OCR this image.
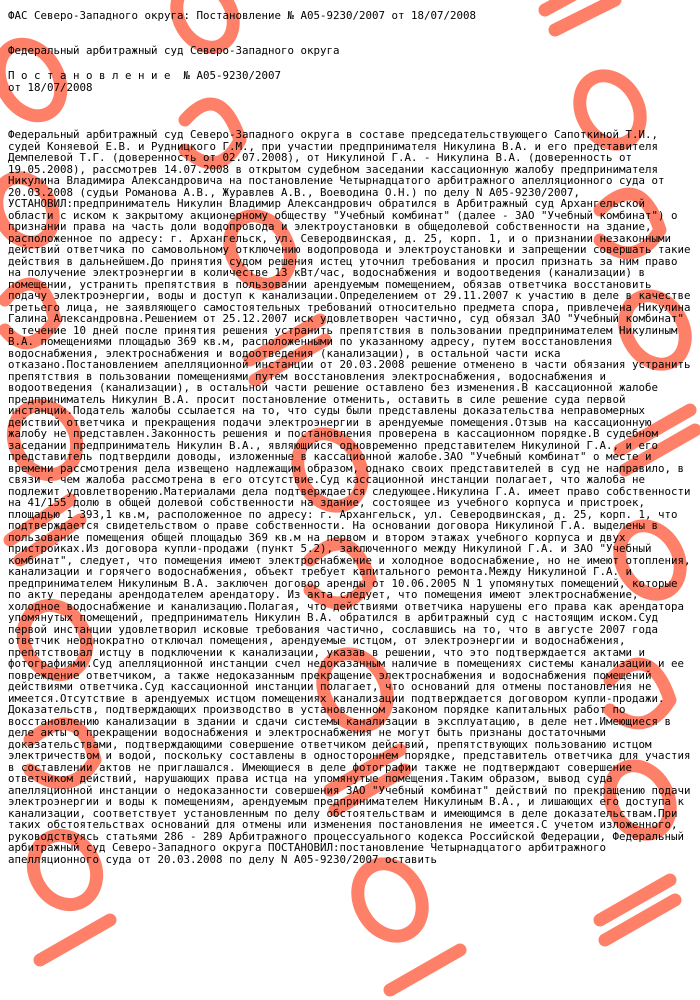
ФАС Северо-Западного округа: Постановление № А05-9230/2007 от 18/07/2008
Федеральный арбитражный суд Северо-Западного округа
П о с т а н о в л е н и е  № А05-9230/2007
от 18/07/2008
Федеральный арбитражный суд Северо-Западного округа в составе председательствующего Сапоткиной Т.И., судей Коняевой Е.В. и Рудницкого Г.М., при участии предпринимателя Никулина В.А. и его представителя Демпелевой Т.Г. (доверенность от 02.07.2008), от Никулиной Г.А. - Никулина В.А. (доверенность от 19.05.2008), рассмотрев 14.07.2008 в открытом судебном заседании кассационную жалобу предпринимателя Никулина Владимира Александровича на постановление Четырнадцатого арбитражного апелляционного суда от 20.03.2008 (судьи Романова А.В., Журавлев А.В., Воеводина О.Н.) по делу N А05-9230/2007, УСТАНОВИЛ:предприниматель Никулин Владимир Александрович обратился в Арбитражный суд Архангельской области с иском к закрытому акционерному обществу "Учебный комбинат" (далее - ЗАО "Учебный комбинат") о признании права на часть доли водопровода и электроустановки в общедолевой собственности на здание, расположенное по адресу: г. Архангельск, ул. Северодвинская, д. 25, корп. 1, и о признании незаконными действий ответчика по самовольному отключению водопровода и электроустановки и запрещении совершать такие действия в дальнейшем.До принятия судом решения истец уточнил требования и просил признать за ним право на получение электроэнергии в количестве 13 кВт/час, водоснабжения и водоотведения (канализации) в помещении, устранить препятствия в пользовании арендуемым помещением, обязав ответчика восстановить подачу электроэнергии, воды и доступ к канализации.Определением от 29.11.2007 к участию в деле в качестве третьего лица, не заявляющего самостоятельных требований относительно предмета спора, привлечена Никулина Галина Александровна.Решением от 25.12.2007 иск удовлетворен частично, суд обязал ЗАО "Учебный комбинат" в течение 10 дней после принятия решения устранить препятствия в пользовании предпринимателем Никулиным В.А. помещениями площадью 369 кв.м, расположенными по указанному адресу, путем восстановления водоснабжения, электроснабжения и водоотведения (канализации), в остальной части иска отказано.Постановлением апелляционной инстанции от 20.03.2008 решение отменено в части обязания устранить препятствия в пользовании помещениями путем восстановления электроснабжения, водоснабжения и водоотведения (канализации), в остальной части решение оставлено без изменения.В кассационной жалобе предприниматель Никулин В.А. просит постановление отменить, оставить в силе решение суда первой инстанции.Податель жалобы ссылается на то, что суды были представлены доказательства неправомерных действий ответчика и прекращения подачи электроэнергии в арендуемые помещения.Отзыв на кассационную жалобу не представлен.Законность решения и постановления проверена в кассационном порядке.В судебном заседании предприниматель Никулин В.А., являющийся одновременно представителем Никулиной Г.А., и его представитель подтвердили доводы, изложенные в кассационной жалобе.ЗАО "Учебный комбинат" о месте и времени рассмотрения дела извещено надлежащим образом, однако своих представителей в суд не направило, в связи с чем жалоба рассмотрена в его отсутствие.Суд кассационной инстанции полагает, что жалоба не подлежит удовлетворению.Материалами дела подтверждается следующее.Никулина Г.А. имеет право собственности на 41/155 долю в общей долевой собственности на здание, состоящее из учебного корпуса и пристроек, площадью 1 393,1 кв.м, расположенное по адресу: г. Архангельск, ул. Северодвинская, д. 25, корп. 1, что подтверждается свидетельством о праве собственности. На основании договора Никулиной Г.А. выделены в пользование помещения общей площадью 369 кв.м на первом и втором этажах учебного корпуса и двух пристройках.Из договора купли-продажи (пункт 5.2), заключенного между Никулиной Г.А. и ЗАО "Учебный комбинат", следует, что помещения имеют электроснабжение и холодное водоснабжение, но не имеют отопления, канализации и горячего водоснабжения, объект требует капитального ремонта.Между Никулиной Г.А. и предпринимателем Никулиным В.А. заключен договор аренды от 10.06.2005 N 1 упомянутых помещений, которые по акту переданы арендодателем арендатору. Из акта следует, что помещения имеют электроснабжение, холодное водоснабжение и канализацию.Полагая, что действиями ответчика нарушены его права как арендатора упомянутых помещений, предприниматель Никулин В.А. обратился в арбитражный суд с настоящим иском.Суд первой инстанции удовлетворил исковые требования частично, сославшись на то, что в августе 2007 года ответчик неоднократно отключал помещения, арендуемые истцом, от электроэнергии и водоснабжения, препятствовал истцу в подключении к канализации, указав в решении, что это подтверждается актами и фотографиями.Суд апелляционной инстанции счел недоказанным наличие в помещениях системы канализации и ее повреждение ответчиком, а также недоказанным прекращение электроснабжения и водоснабжения помещений действиями ответчика.Суд кассационной инстанции полагает, что оснований для отмены постановления не имеется.Отсутствие в арендуемых истцом помещениях канализации подтверждается договором купли-продажи. Доказательств, подтверждающих производство в установленном законом порядке капитальных работ по восстановлению канализации в здании и сдачи системы канализации в эксплуатацию, в деле нет.Имеющиеся в деле акты о прекращении водоснабжения и электроснабжения не могут быть признаны достаточными доказательствами, подтверждающими совершение ответчиком действий, препятствующих пользованию истцом электричеством и водой, поскольку составлены в одностороннем порядке, представитель ответчика для участия в составлении актов не приглашался. Имеющиеся в деле фотографии также не подтверждают совершение ответчиком действий, нарушающих права истца на упомянутые помещения.Таким образом, вывод суда апелляционной инстанции о недоказанности совершения ЗАО "Учебный комбинат" действий по прекращению подачи электроэнергии и воды к помещениям, арендуемым предпринимателем Никулиным В.А., и лишающих его доступа к канализации, соответствует установленным по делу обстоятельствам и имеющимся в деле доказательствам.При таких обстоятельствах оснований для отмены или изменения постановления не имеется.С учетом изложенного, руководствуясь статьями 286 - 289 Арбитражного процессуального кодекса Российской Федерации, Федеральный арбитражный суд Северо-Западного округа ПОСТАНОВИЛ:постановление Четырнадцатого арбитражного апелляционного суда от 20.03.2008 по делу N А05-9230/2007 оставить
